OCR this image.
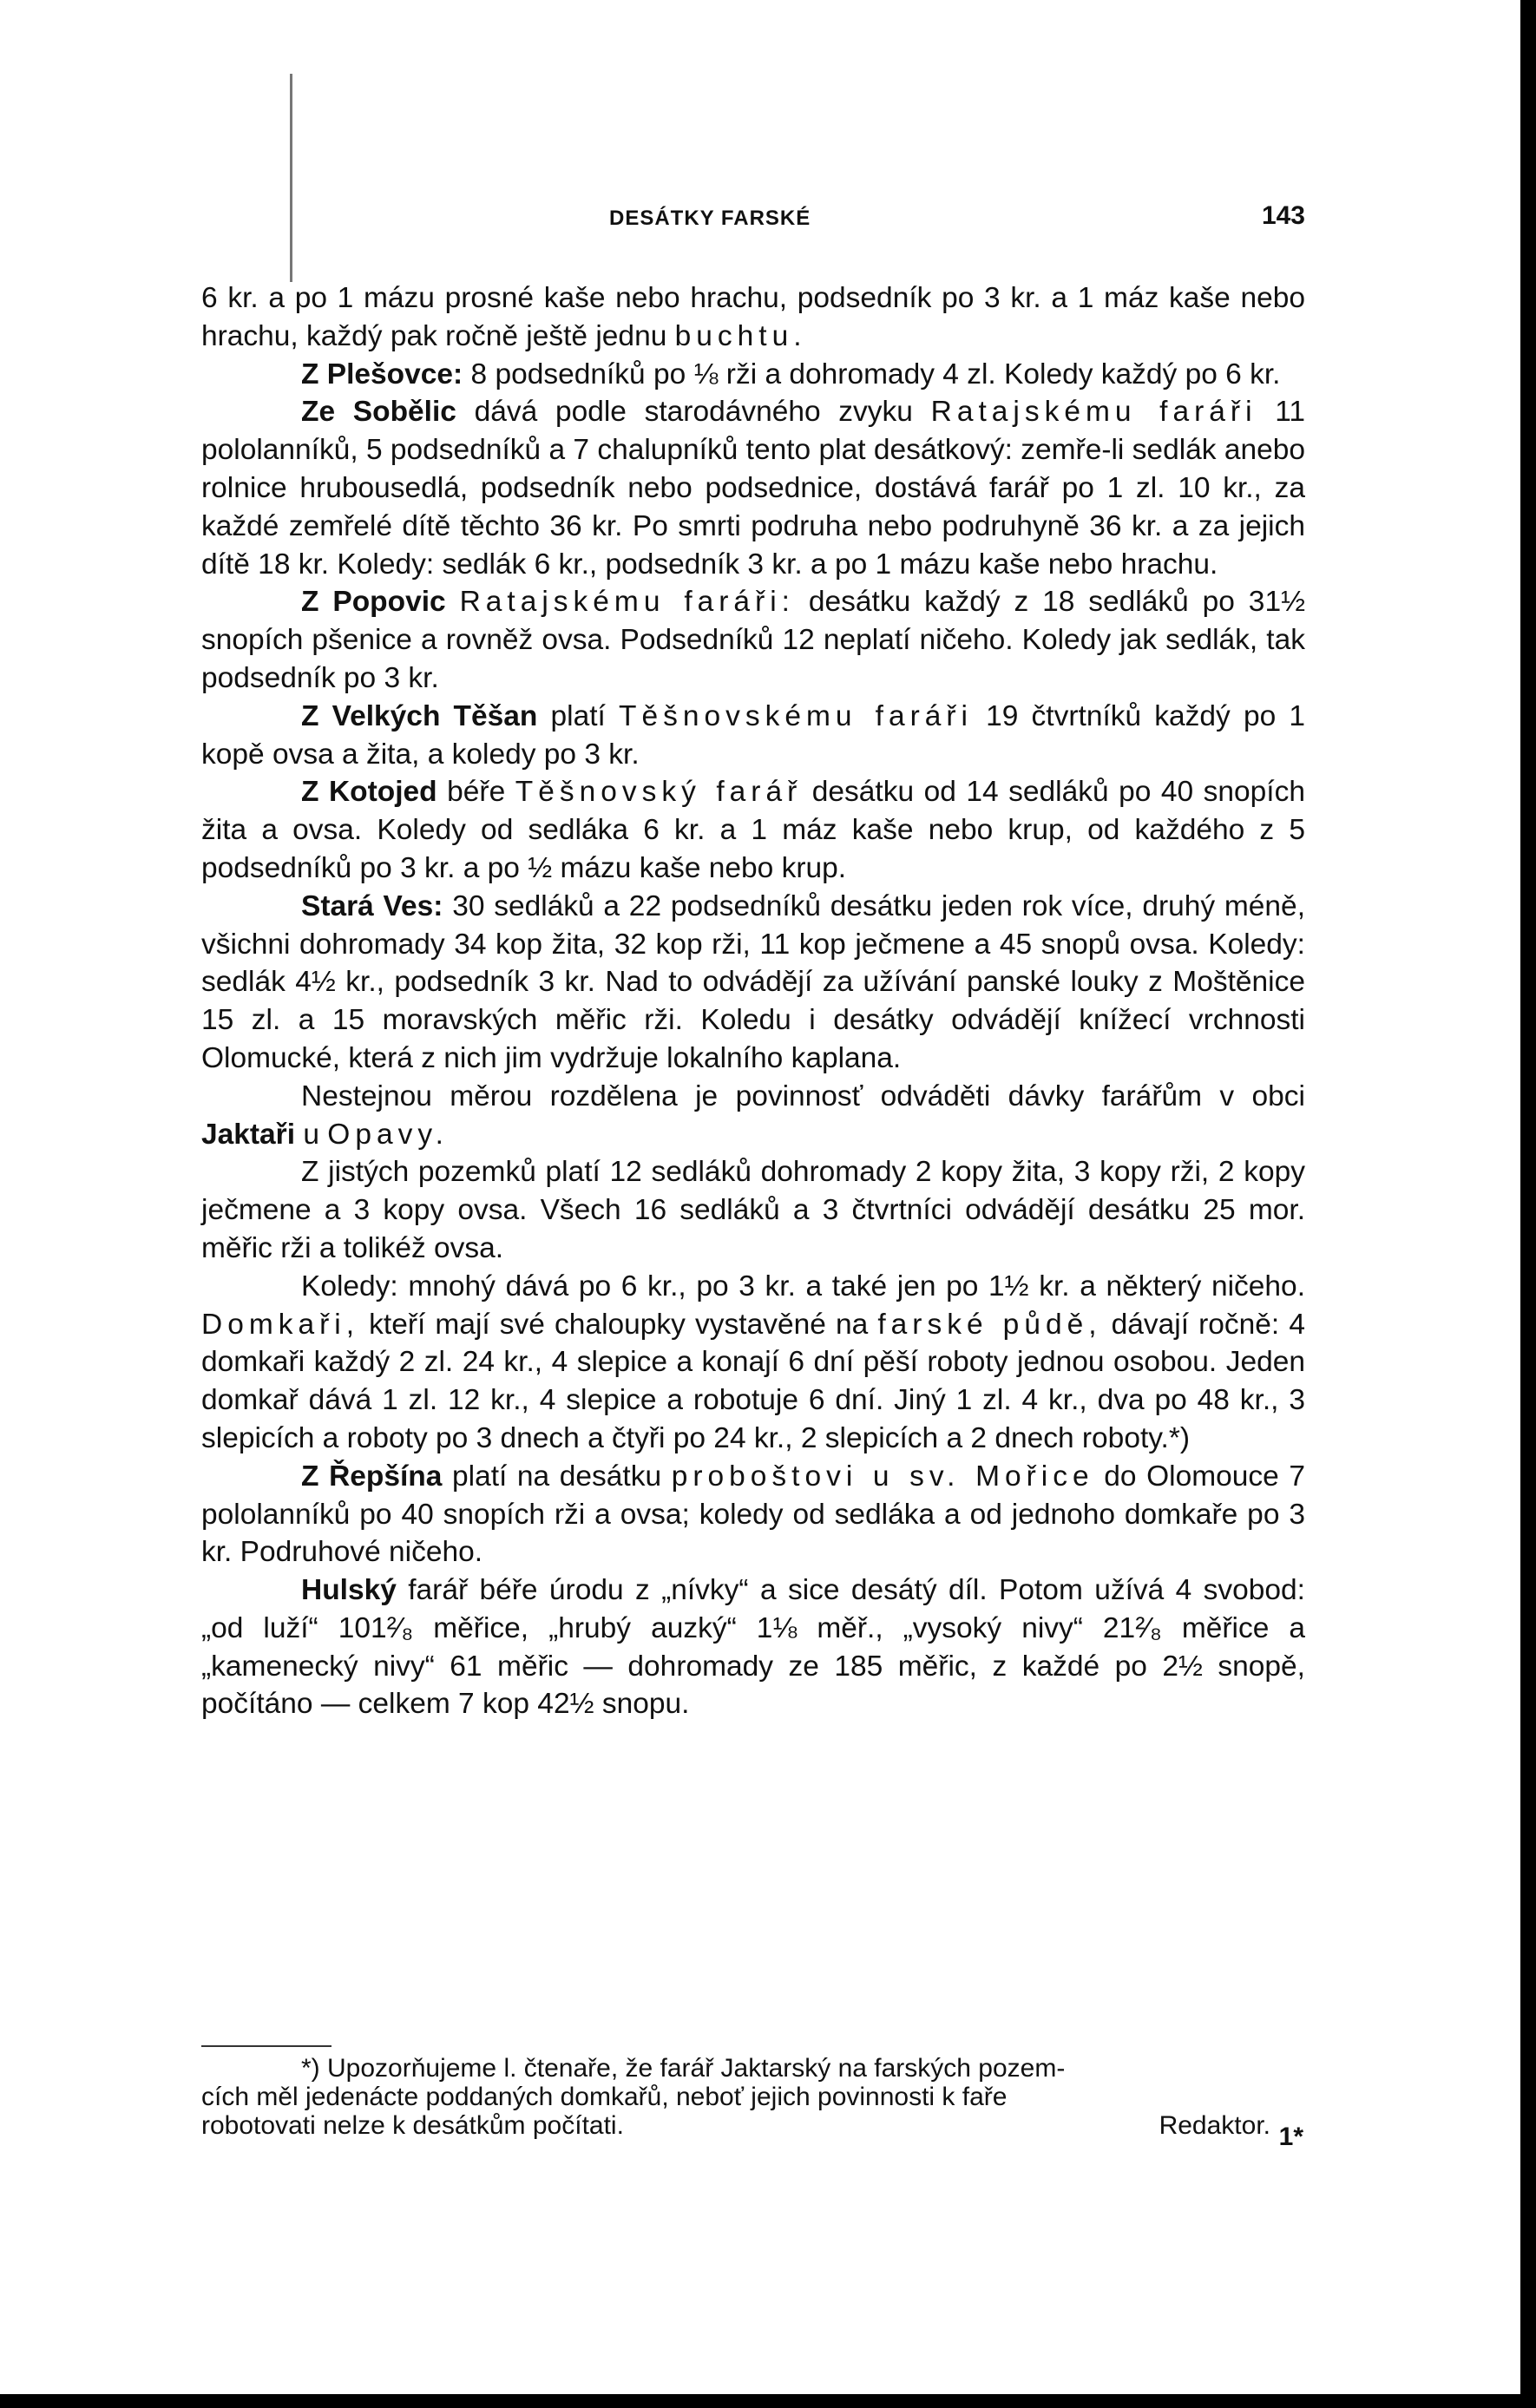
DESÁTKY FARSKÉ	143

6 kr. a po 1 mázu prosné kaše nebo hrachu, podsedník po 3 kr. a 1 máz kaše nebo hrachu, každý pak ročně ještě jednu buchtu.

Z Plešovce: 8 podsedníků po ⅛ rži a dohromady 4 zl. Koledy každý po 6 kr.

Ze Sobělic dává podle starodávného zvyku Ratajskému faráři 11 pololanníků, 5 podsedníků a 7 chalupníků tento plat desátkový: zemře-li sedlák anebo rolnice hrubousedlá, podsedník nebo podsednice, dostává farář po 1 zl. 10 kr., za každé zemřelé dítě těchto 36 kr. Po smrti podruha nebo podruhyně 36 kr. a za jejich dítě 18 kr. Koledy: sedlák 6 kr., podsedník 3 kr. a po 1 mázu kaše nebo hrachu.

Z Popovic Ratajskému faráři: desátku každý z 18 sedláků po 31½ snopích pšenice a rovněž ovsa. Podsedníků 12 neplatí ničeho. Koledy jak sedlák, tak podsedník po 3 kr.

Z Velkých Těšan platí Těšnovskému faráři 19 čtvrtníků každý po 1 kopě ovsa a žita, a koledy po 3 kr.

Z Kotojed béře Těšnovský farář desátku od 14 sedláků po 40 snopích žita a ovsa. Koledy od sedláka 6 kr. a 1 máz kaše nebo krup, od každého z 5 podsedníků po 3 kr. a po ½ mázu kaše nebo krup.

Stará Ves: 30 sedláků a 22 podsedníků desátku jeden rok více, druhý méně, všichni dohromady 34 kop žita, 32 kop rži, 11 kop ječmene a 45 snopů ovsa. Koledy: sedlák 4½ kr., podsedník 3 kr. Nad to odvádějí za užívání panské louky z Moštěnice 15 zl. a 15 moravských měřic rži. Koledu i desátky odvádějí knížecí vrchnosti Olomucké, která z nich jim vydržuje lokalního kaplana.

Nestejnou měrou rozdělena je povinnosť odváděti dávky farářům v obci Jaktaři u Opavy.

Z jistých pozemků platí 12 sedláků dohromady 2 kopy žita, 3 kopy rži, 2 kopy ječmene a 3 kopy ovsa. Všech 16 sedláků a 3 čtvrtníci odvádějí desátku 25 mor. měřic rži a tolikéž ovsa.

Koledy: mnohý dává po 6 kr., po 3 kr. a také jen po 1½ kr. a některý ničeho. Domkaři, kteří mají své chaloupky vystavěné na farské půdě, dávají ročně: 4 domkaři každý 2 zl. 24 kr., 4 slepice a konají 6 dní pěší roboty jednou osobou. Jeden domkař dává 1 zl. 12 kr., 4 slepice a robotuje 6 dní. Jiný 1 zl. 4 kr., dva po 48 kr., 3 slepicích a roboty po 3 dnech a čtyři po 24 kr., 2 slepicích a 2 dnech roboty.*)

Z Řepšína platí na desátku proboštovi u sv. Mořice do Olomouce 7 pololanníků po 40 snopích rži a ovsa; koledy od sedláka a od jednoho domkaře po 3 kr. Podruhové ničeho.

Hulský farář béře úrodu z „nívky“ a sice desátý díl. Potom užívá 4 svobod: „od luží“ 101²⁄₈ měřice, „hrubý auzký“ 1⅛ měř., „vysoký nivy“ 21²⁄₈ měřice a „kamenecký nivy“ 61 měřic — dohromady ze 185 měřic, z každé po 2½ snopě, počítáno — celkem 7 kop 42½ snopu.

*) Upozorňujeme l. čtenaře, že farář Jaktarský na farských pozem-
cích měl jedenácte poddaných domkařů, neboť jejich povinnosti k faře
robotovati nelze k desátkům počítati.	Redaktor. 1*
